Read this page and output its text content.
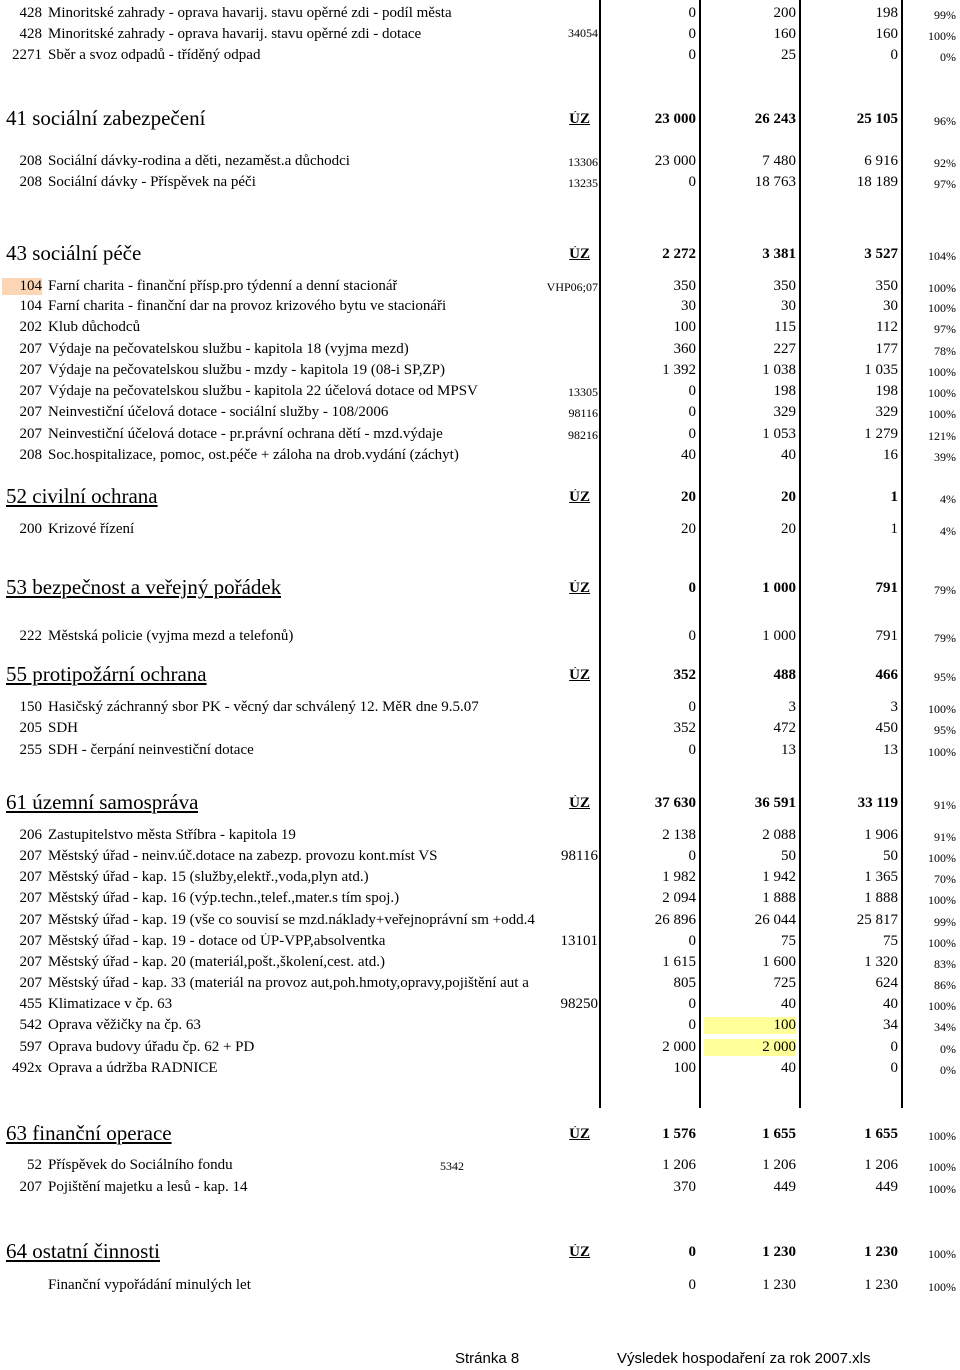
428 Minoritské zahrady - oprava havarij. stavu opěrné zdi - podíl města	0	200	198	99%
428 Minoritské zahrady - oprava havarij. stavu opěrné zdi - dotace	34054	0	160	160	100%
2271 Sběr a svoz odpadů - tříděný odpad	0	25	0	0%
41 sociální zabezpečení	ÚZ	23 000	26 243	25 105	96%
208 Sociální dávky-rodina a děti, nezaměst.a důchodci	13306	23 000	7 480	6 916	92%
208 Sociální dávky - Příspěvek na péči	13235	0	18 763	18 189	97%
43 sociální péče	ÚZ	2 272	3 381	3 527	104%
104 Farní charita - finanční přísp.pro týdenní a denní stacionář	VHP06;07	350	350	350	100%
104 Farní charita - finanční dar na provoz krizového bytu ve stacionáři	30	30	30	100%
202 Klub důchodců	100	115	112	97%
207 Výdaje na pečovatelskou službu - kapitola 18 (vyjma mezd)	360	227	177	78%
207 Výdaje na pečovatelskou službu - mzdy - kapitola 19 (08-i SP,ZP)	1 392	1 038	1 035	100%
207 Výdaje na pečovatelskou službu - kapitola 22 účelová dotace od MPSV	13305	0	198	198	100%
207 Neinvestiční účelová dotace - sociální služby - 108/2006	98116	0	329	329	100%
207 Neinvestiční účelová dotace - pr.právní ochrana dětí - mzd.výdaje	98216	0	1 053	1 279	121%
208 Soc.hospitalizace, pomoc, ost.péče + záloha na drob.vydání (záchyt)	40	40	16	39%
52 civilní ochrana	ÚZ	20	20	1	4%
200 Krizové řízení	20	20	1	4%
53 bezpečnost a veřejný pořádek	ÚZ	0	1 000	791	79%
222 Městská policie (vyjma mezd a telefonů)	0	1 000	791	79%
55 protipožární ochrana	ÚZ	352	488	466	95%
150 Hasičský záchranný sbor PK - věcný dar schválený 12. MěR dne 9.5.07	0	3	3	100%
205 SDH	352	472	450	95%
255 SDH - čerpání neinvestiční dotace	0	13	13	100%
61 územní samospráva	ÚZ	37 630	36 591	33 119	91%
206 Zastupitelstvo města Stříbra - kapitola 19	2 138	2 088	1 906	91%
207 Městský úřad - neinv.úč.dotace na zabezp. provozu kont.míst VS	98116	0	50	50	100%
207 Městský úřad - kap. 15 (služby,elektř.,voda,plyn atd.)	1 982	1 942	1 365	70%
207 Městský úřad - kap. 16 (výp.techn.,telef.,mater.s tím spoj.)	2 094	1 888	1 888	100%
207 Městský úřad - kap. 19 (vše co souvisí se mzd.náklady+veřejnoprávní sm +odd.4	26 896	26 044	25 817	99%
207 Městský úřad - kap. 19 - dotace od ÚP-VPP,absolventka	13101	0	75	75	100%
207 Městský úřad - kap. 20 (materiál,pošt.,školení,cest. atd.)	1 615	1 600	1 320	83%
207 Městský úřad - kap. 33 (materiál na provoz aut,poh.hmoty,opravy,pojištění aut a	805	725	624	86%
455 Klimatizace v čp. 63	98250	0	40	40	100%
542 Oprava věžičky na čp. 63	0	100	34	34%
597 Oprava budovy úřadu čp. 62 + PD	2 000	2 000	0	0%
492x Oprava a údržba RADNICE	100	40	0	0%
63 finanční operace	ÚZ	1 576	1 655	1 655	100%
52 Příspěvek do Sociálního fondu	5342	1 206	1 206	1 206	100%
207 Pojištění majetku a lesů - kap. 14	370	449	449	100%
64 ostatní činnosti	ÚZ	0	1 230	1 230	100%
Finanční vypořádání minulých let	0	1 230	1 230	100%
Stránka 8	Výsledek hospodaření za rok 2007.xls
